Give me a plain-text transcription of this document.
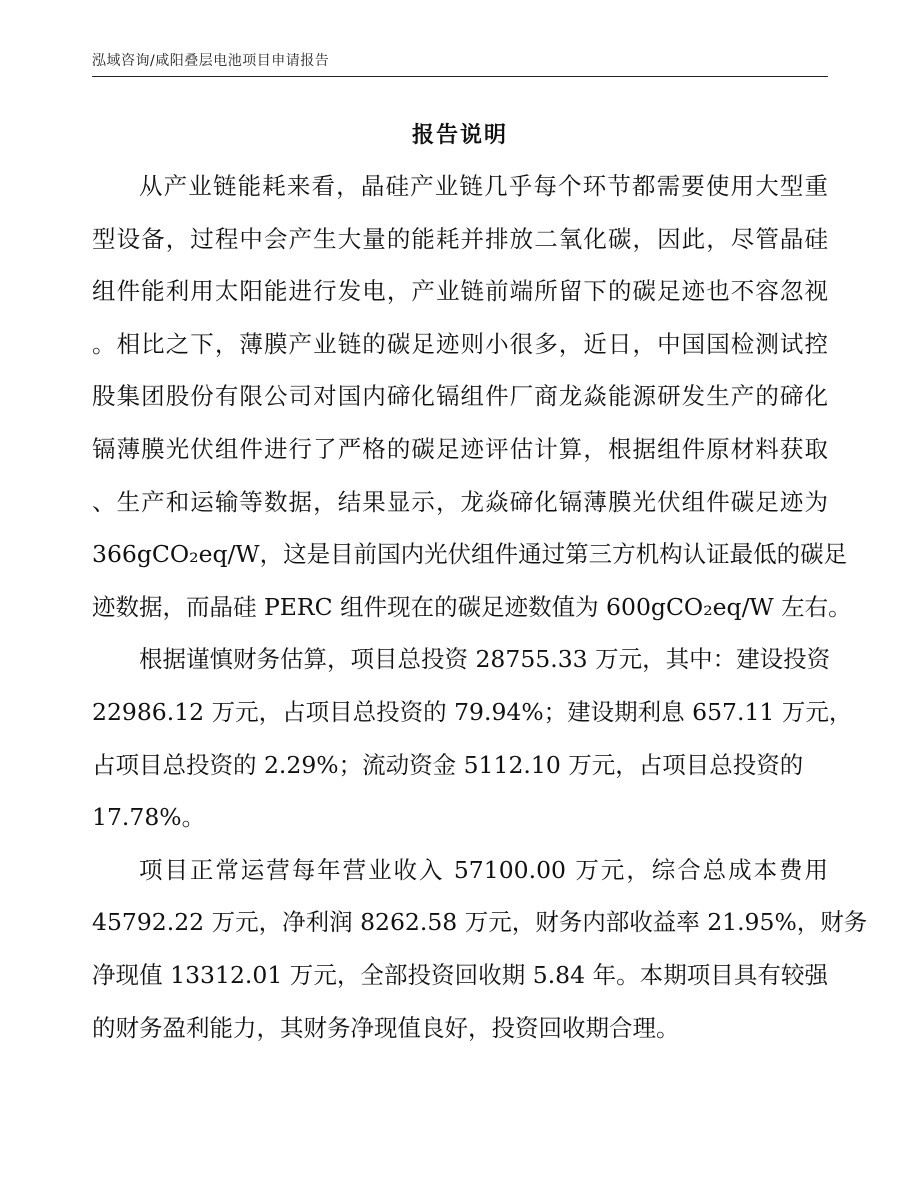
泓域咨询/咸阳叠层电池项目申请报告
报告说明
从产业链能耗来看，晶硅产业链几乎每个环节都需要使用大型重
型设备，过程中会产生大量的能耗并排放二氧化碳，因此，尽管晶硅
组件能利用太阳能进行发电，产业链前端所留下的碳足迹也不容忽视
。相比之下，薄膜产业链的碳足迹则小很多，近日，中国国检测试控
股集团股份有限公司对国内碲化镉组件厂商龙焱能源研发生产的碲化
镉薄膜光伏组件进行了严格的碳足迹评估计算，根据组件原材料获取
、生产和运输等数据，结果显示，龙焱碲化镉薄膜光伏组件碳足迹为
366gCO₂eq/W，这是目前国内光伏组件通过第三方机构认证最低的碳足
迹数据，而晶硅 PERC 组件现在的碳足迹数值为 600gCO₂eq/W 左右。
根据谨慎财务估算，项目总投资 28755.33 万元，其中：建设投资
22986.12 万元，占项目总投资的 79.94%；建设期利息 657.11 万元，
占项目总投资的 2.29%；流动资金 5112.10 万元，占项目总投资的
17.78%。
项目正常运营每年营业收入 57100.00 万元，综合总成本费用
45792.22 万元，净利润 8262.58 万元，财务内部收益率 21.95%，财务
净现值 13312.01 万元，全部投资回收期 5.84 年。本期项目具有较强
的财务盈利能力，其财务净现值良好，投资回收期合理。
